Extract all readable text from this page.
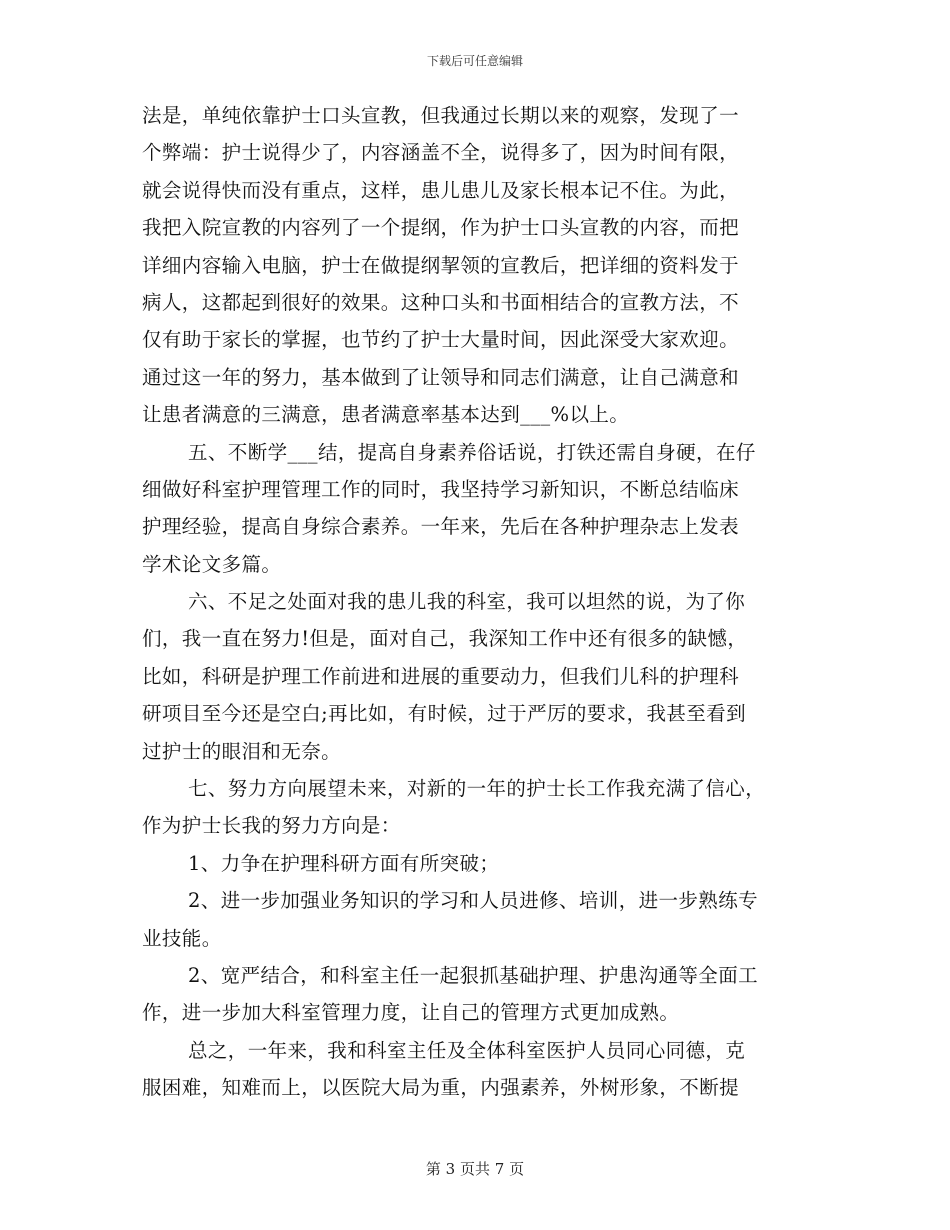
下载后可任意编辑
法是，单纯依靠护士口头宣教，但我通过长期以来的观察，发现了一
个弊端：护士说得少了，内容涵盖不全，说得多了，因为时间有限，
就会说得快而没有重点，这样，患儿患儿及家长根本记不住。为此，
我把入院宣教的内容列了一个提纲，作为护士口头宣教的内容，而把
详细内容输入电脑，护士在做提纲挈领的宣教后，把详细的资料发于
病人，这都起到很好的效果。这种口头和书面相结合的宣教方法，不
仅有助于家长的掌握，也节约了护士大量时间，因此深受大家欢迎。
通过这一年的努力，基本做到了让领导和同志们满意，让自己满意和
让患者满意的三满意，患者满意率基本达到___%以上。
五、不断学___结，提高自身素养俗话说，打铁还需自身硬，在仔
细做好科室护理管理工作的同时，我坚持学习新知识，不断总结临床
护理经验，提高自身综合素养。一年来，先后在各种护理杂志上发表
学术论文多篇。
六、不足之处面对我的患儿我的科室，我可以坦然的说，为了你
们，我一直在努力!但是，面对自己，我深知工作中还有很多的缺憾，
比如，科研是护理工作前进和进展的重要动力，但我们儿科的护理科
研项目至今还是空白;再比如，有时候，过于严厉的要求，我甚至看到
过护士的眼泪和无奈。
七、努力方向展望未来，对新的一年的护士长工作我充满了信心，
作为护士长我的努力方向是：
1、力争在护理科研方面有所突破；
2、进一步加强业务知识的学习和人员进修、培训，进一步熟练专
业技能。
2、宽严结合，和科室主任一起狠抓基础护理、护患沟通等全面工
作，进一步加大科室管理力度，让自己的管理方式更加成熟。
总之，一年来，我和科室主任及全体科室医护人员同心同德，克
服困难，知难而上，以医院大局为重，内强素养，外树形象，不断提
第 3 页共 7 页
